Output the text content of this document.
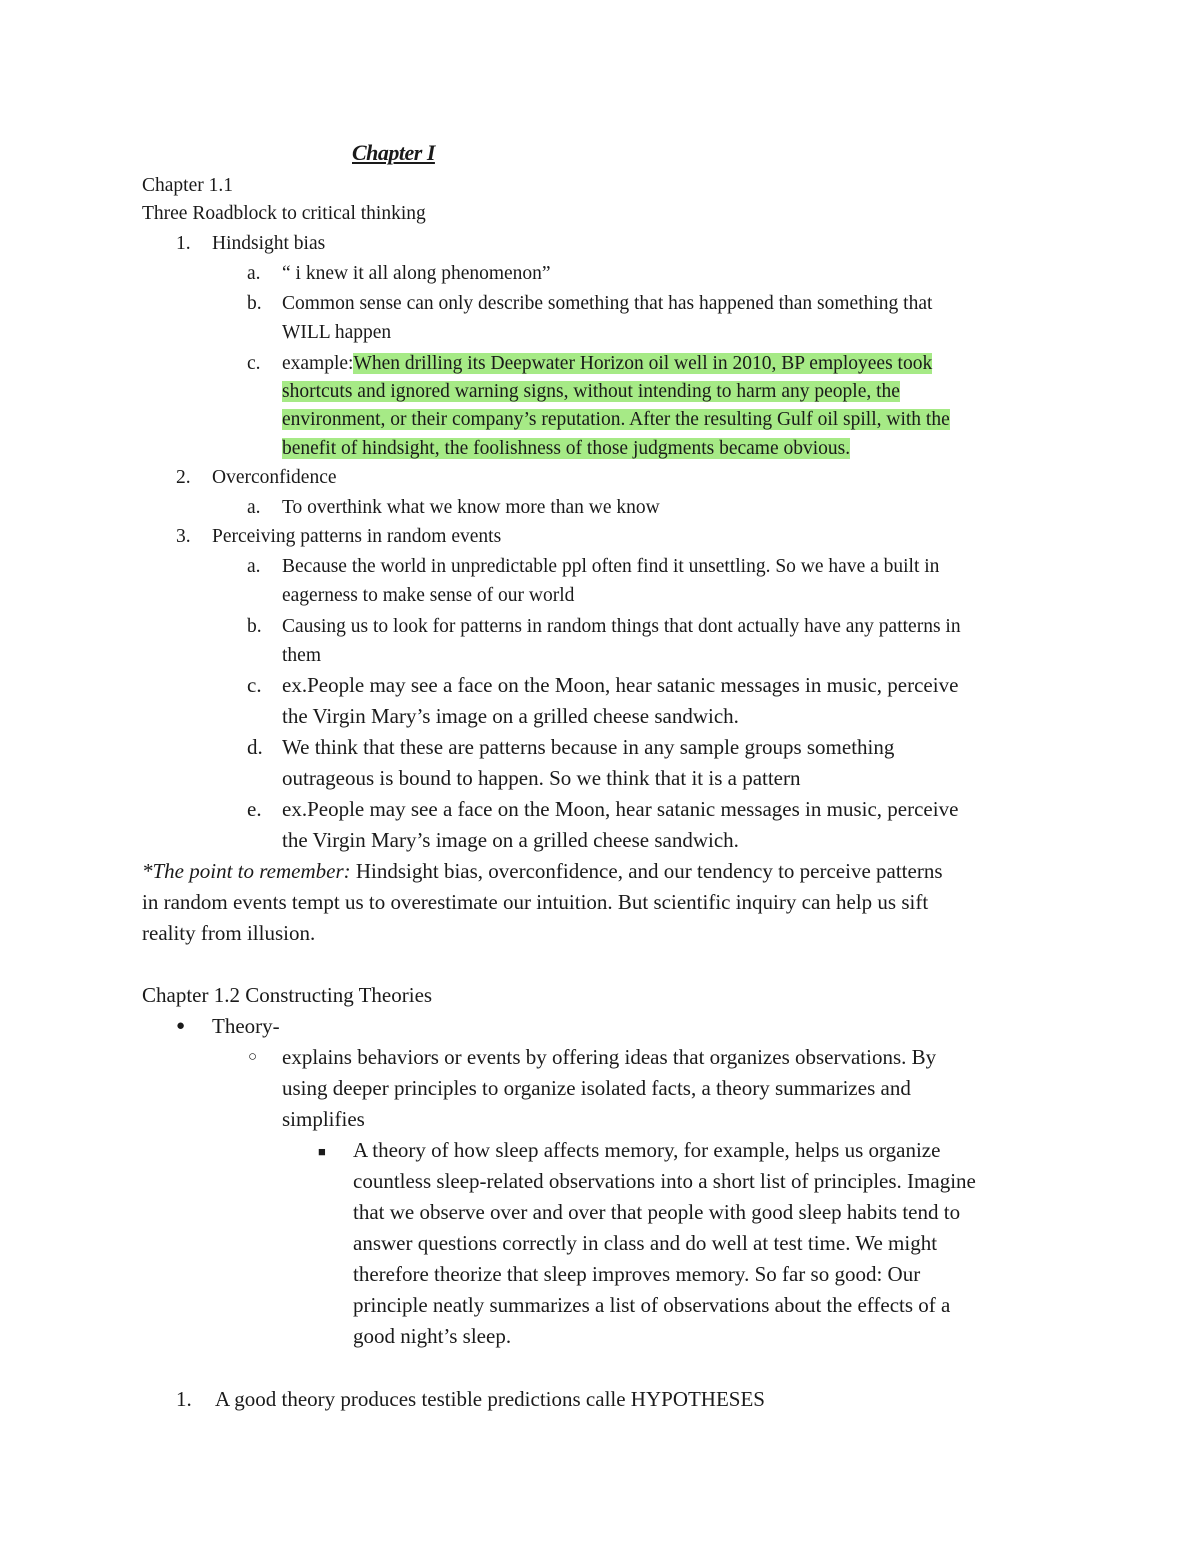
Chapter I
Chapter 1.1
Three Roadblock to critical thinking
1. Hindsight bias
a. “ i knew it all along phenomenon”
b. Common sense can only describe something that has happened than something that
WILL happen
c. example:When drilling its Deepwater Horizon oil well in 2010, BP employees took
shortcuts and ignored warning signs, without intending to harm any people, the
environment, or their company’s reputation. After the resulting Gulf oil spill, with the
benefit of hindsight, the foolishness of those judgments became obvious.
2. Overconfidence
a. To overthink what we know more than we know
3. Perceiving patterns in random events
a. Because the world in unpredictable ppl often find it unsettling. So we have a built in
eagerness to make sense of our world
b. Causing us to look for patterns in random things that dont actually have any patterns in
them
c. ex.People may see a face on the Moon, hear satanic messages in music, perceive
the Virgin Mary’s image on a grilled cheese sandwich.
d. We think that these are patterns because in any sample groups something
outrageous is bound to happen. So we think that it is a pattern
e. ex.People may see a face on the Moon, hear satanic messages in music, perceive
the Virgin Mary’s image on a grilled cheese sandwich.
*The point to remember: Hindsight bias, overconfidence, and our tendency to perceive patterns
in random events tempt us to overestimate our intuition. But scientific inquiry can help us sift
reality from illusion.
Chapter 1.2 Constructing Theories
● Theory-
○ explains behaviors or events by offering ideas that organizes observations. By
using deeper principles to organize isolated facts, a theory summarizes and
simplifies
■ A theory of how sleep affects memory, for example, helps us organize
countless sleep-related observations into a short list of principles. Imagine
that we observe over and over that people with good sleep habits tend to
answer questions correctly in class and do well at test time. We might
therefore theorize that sleep improves memory. So far so good: Our
principle neatly summarizes a list of observations about the effects of a
good night’s sleep.
1. A good theory produces testible predictions calle HYPOTHESES
